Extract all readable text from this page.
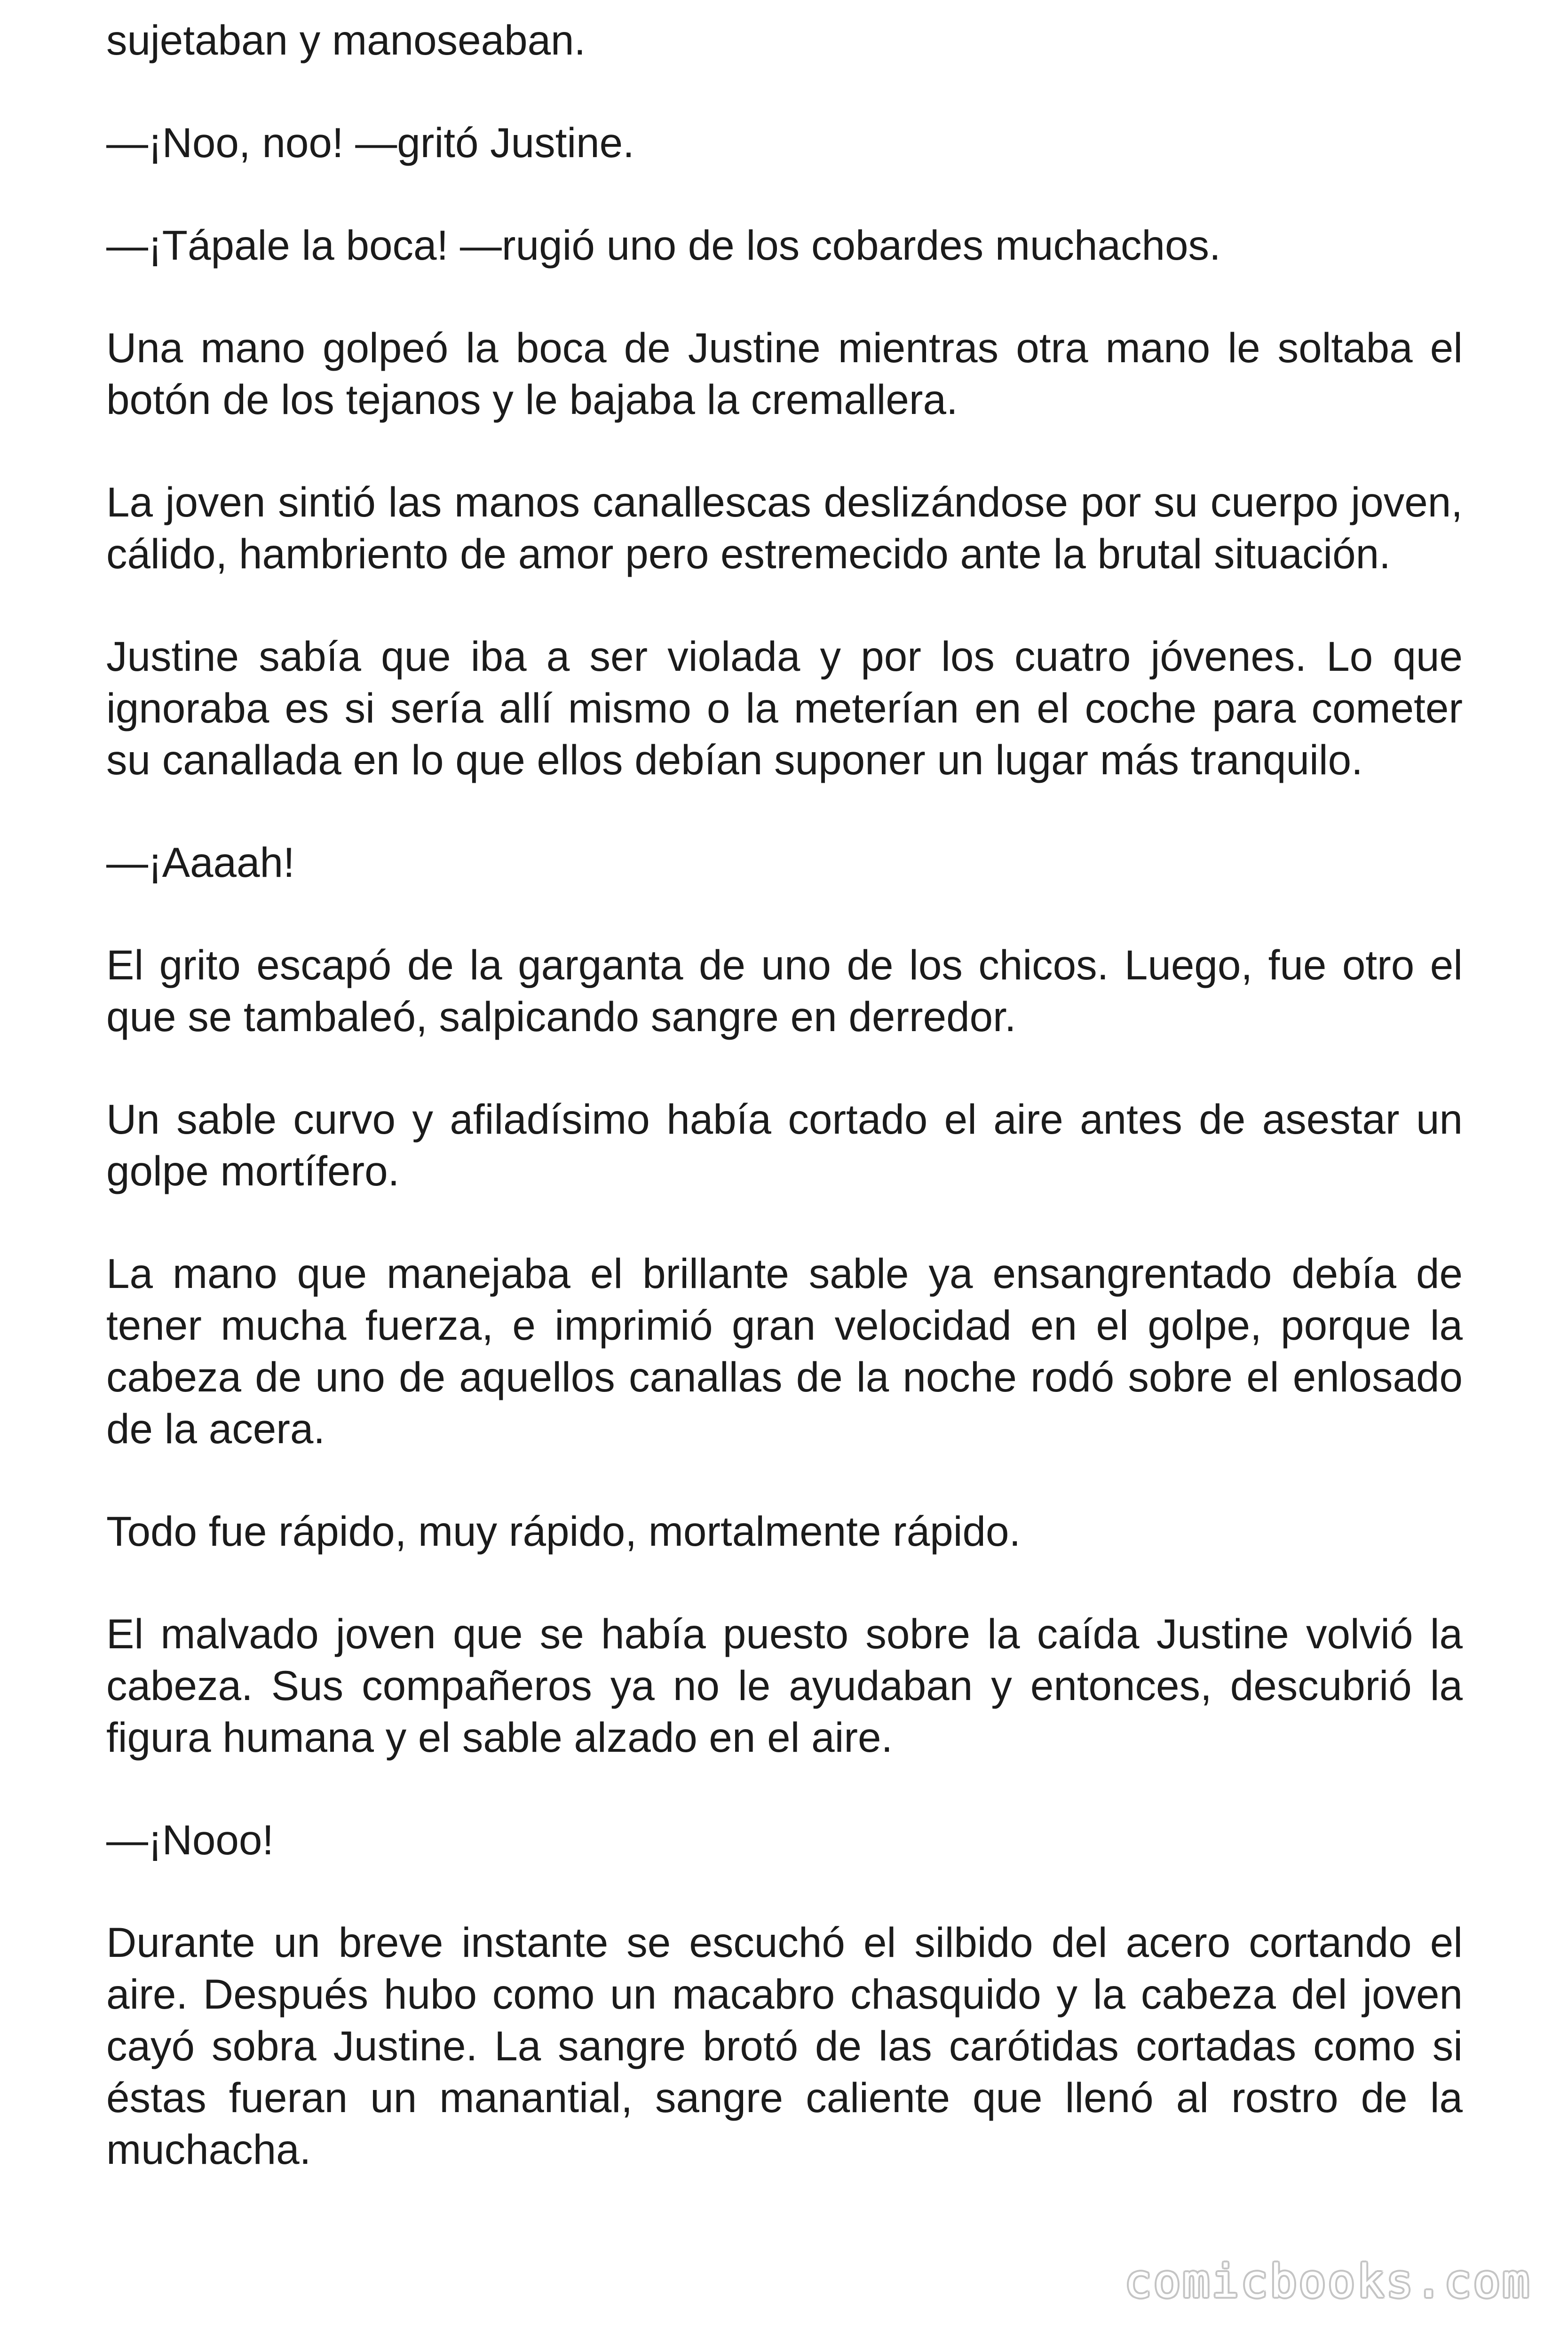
sujetaban y manoseaban.

—¡Noo, noo! —gritó Justine.

—¡Tápale la boca! —rugió uno de los cobardes muchachos.

Una mano golpeó la boca de Justine mientras otra mano le soltaba el botón de los tejanos y le bajaba la cremallera.

La joven sintió las manos canallescas deslizándose por su cuerpo joven, cálido, hambriento de amor pero estremecido ante la brutal situación.

Justine sabía que iba a ser violada y por los cuatro jóvenes. Lo que ignoraba es si sería allí mismo o la meterían en el coche para cometer su canallada en lo que ellos debían suponer un lugar más tranquilo.

—¡Aaaah!

El grito escapó de la garganta de uno de los chicos. Luego, fue otro el que se tambaleó, salpicando sangre en derredor.

Un sable curvo y afiladísimo había cortado el aire antes de asestar un golpe mortífero.

La mano que manejaba el brillante sable ya ensangrentado debía de tener mucha fuerza, e imprimió gran velocidad en el golpe, porque la cabeza de uno de aquellos canallas de la noche rodó sobre el enlosado de la acera.

Todo fue rápido, muy rápido, mortalmente rápido.

El malvado joven que se había puesto sobre la caída Justine volvió la cabeza. Sus compañeros ya no le ayudaban y entonces, descubrió la figura humana y el sable alzado en el aire.

—¡Nooo!

Durante un breve instante se escuchó el silbido del acero cortando el aire. Después hubo como un macabro chasquido y la cabeza del joven cayó sobra Justine. La sangre brotó de las carótidas cortadas como si éstas fueran un manantial, sangre caliente que llenó al rostro de la muchacha.

comicbooks.com
